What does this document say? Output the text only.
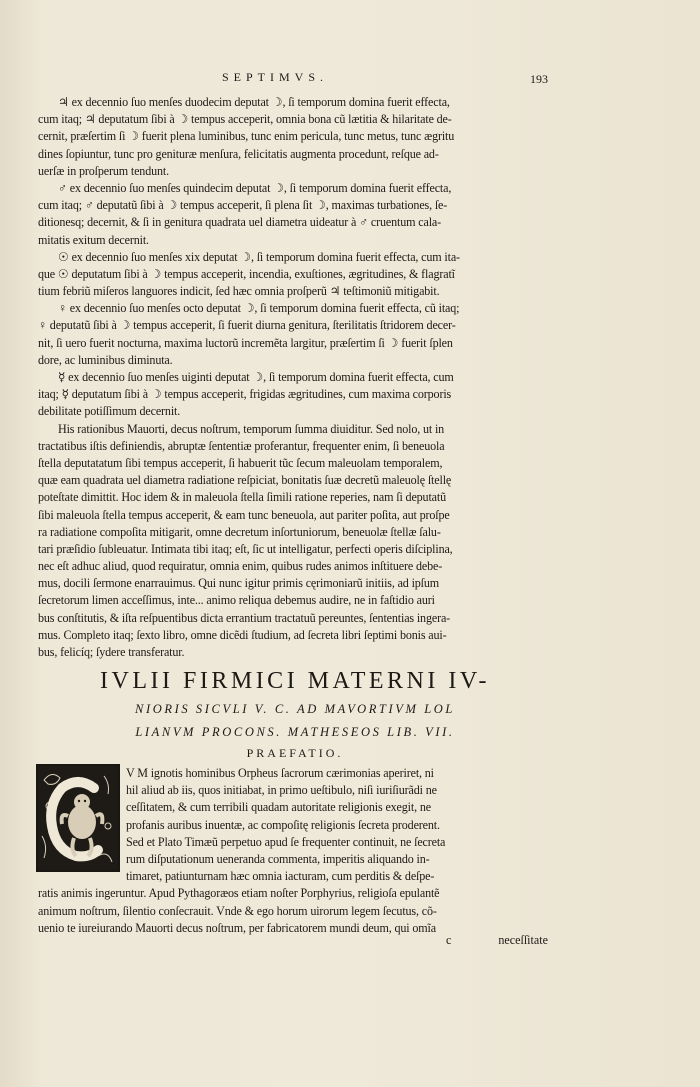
SEPTIMVS.	193
♃ ex decennio ſuo menſes duodecim deputat ☽, ſi temporum domina fuerit effecta,
cum itaq; ♃ deputatum ſibi à ☽ tempus acceperit, omnia bona cũ lætitia & hilaritate de-
cernit, præſertim ſi ☽ fuerit plena luminibus, tunc enim pericula, tunc metus, tunc ægritu
dines ſopiuntur, tunc pro genituræ menſura, felicitatis augmenta procedunt, reſque ad-
uerſæ in proſperum tendunt.
♂ ex decennio ſuo menſes quindecim deputat ☽, ſi temporum domina fuerit effecta,
cum itaq; ♂ deputatũ ſibi à ☽ tempus acceperit, ſi plena ſit ☽, maximas turbationes, ſe-
ditionesq; decernit, & ſi in genitura quadrata uel diametra uideatur à ♂ cruentum cala-
mitatis exitum decernit.
☉ ex decennio ſuo menſes xix deputat ☽, ſi temporum domina fuerit effecta, cum ita-
que ☉ deputatum ſibi à ☽ tempus acceperit, incendia, exuſtiones, ægritudines, & flagratĩ
tium febriũ miſeros languores indicit, ſed hæc omnia proſperũ ♃ teſtimoniũ mitigabit.
♀ ex decennio ſuo menſes octo deputat ☽, ſi temporum domina fuerit effecta, cũ itaq;
♀ deputatũ ſibi à ☽ tempus acceperit, ſi fuerit diurna genitura, ſterilitatis ſtridorem decer-
nit, ſi uero fuerit nocturna, maxima luctorũ incremẽta largitur, præſertim ſi ☽ fuerit ſplen
dore, ac luminibus diminuta.
☿ ex decennio ſuo menſes uiginti deputat ☽, ſi temporum domina fuerit effecta, cum
itaq; ☿ deputatum ſibi à ☽ tempus acceperit, frigidas ægritudines, cum maxima corporis
debilitate potiſſimum decernit.
His rationibus Mauorti, decus noſtrum, temporum ſumma diuiditur. Sed nolo, ut in
tractatibus iſtis definiendis, abruptæ ſententiæ proferantur, frequenter enim, ſi beneuola
ſtella deputatatum ſibi tempus acceperit, ſi habuerit tũc ſecum maleuolam temporalem,
quæ eam quadrata uel diametra radiatione reſpiciat, bonitatis ſuæ decretũ maleuolę ſtellę
poteſtate dimittit. Hoc idem & in maleuola ſtella ſimili ratione reperies, nam ſi deputatũ
ſibi maleuola ſtella tempus acceperit, & eam tunc beneuola, aut pariter poſita, aut proſpe
ra radiatione compoſita mitigarit, omne decretum inſortuniorum, beneuolæ ſtellæ ſalu-
tari præſidio ſubleuatur. Intimata tibi itaq; eſt, ſic ut intelligatur, perfecti operis diſciplina,
nec eſt adhuc aliud, quod requiratur, omnia enim, quibus rudes animos inſtituere debe-
mus, docili ſermone enarrauimus. Qui nunc igitur primis cęrimoniarũ initiis, ad ipſum
ſecretorum limen acceſſimus, inte... animo reliqua debemus audire, ne in faſtidio auri
bus conſtitutis, & iſta reſpuentibus dicta errantium tractatuũ pereuntes, ſententias ingera-
mus. Completo itaq; ſexto libro, omne dicẽdi ſtudium, ad ſecreta libri ſeptimi bonis aui-
bus, felicíq; ſydere transferatur.
IVLII FIRMICI MATERNI IV-
NIORIS SICVLI V. C. AD MAVORTIVM LOL
LIANVM PROCONS. MATHESEOS LIB. VII.
PRAEFATIO.
V M ignotis hominibus Orpheus ſacrorum cærimonias aperiret, ni
hil aliud ab iis, quos initiabat, in primo ueſtibulo, niſi iuriſiurãdi ne
ceſſitatem, & cum terribili quadam autoritate religionis exegit, ne
profanis auribus inuentæ, ac compoſitę religionis ſecreta proderent.
Sed et Plato Timæũ perpetuo apud ſe frequenter continuit, ne ſecreta
rum diſputationum ueneranda commenta, imperitis aliquando in-
timaret, patiunturnam hæc omnia iacturam, cum perditis & deſpe-
ratis animis ingeruntur. Apud Pythagoræos etiam noſter Porphyrius, religioſa epulantẽ
animum noſtrum, ſilentio conſecrauit. Vnde & ego horum uirorum legem ſecutus, cõ-
uenio te iureiurando Mauorti decus noſtrum, per fabricatorem mundi deum, qui omĩa
c	neceſſitate
